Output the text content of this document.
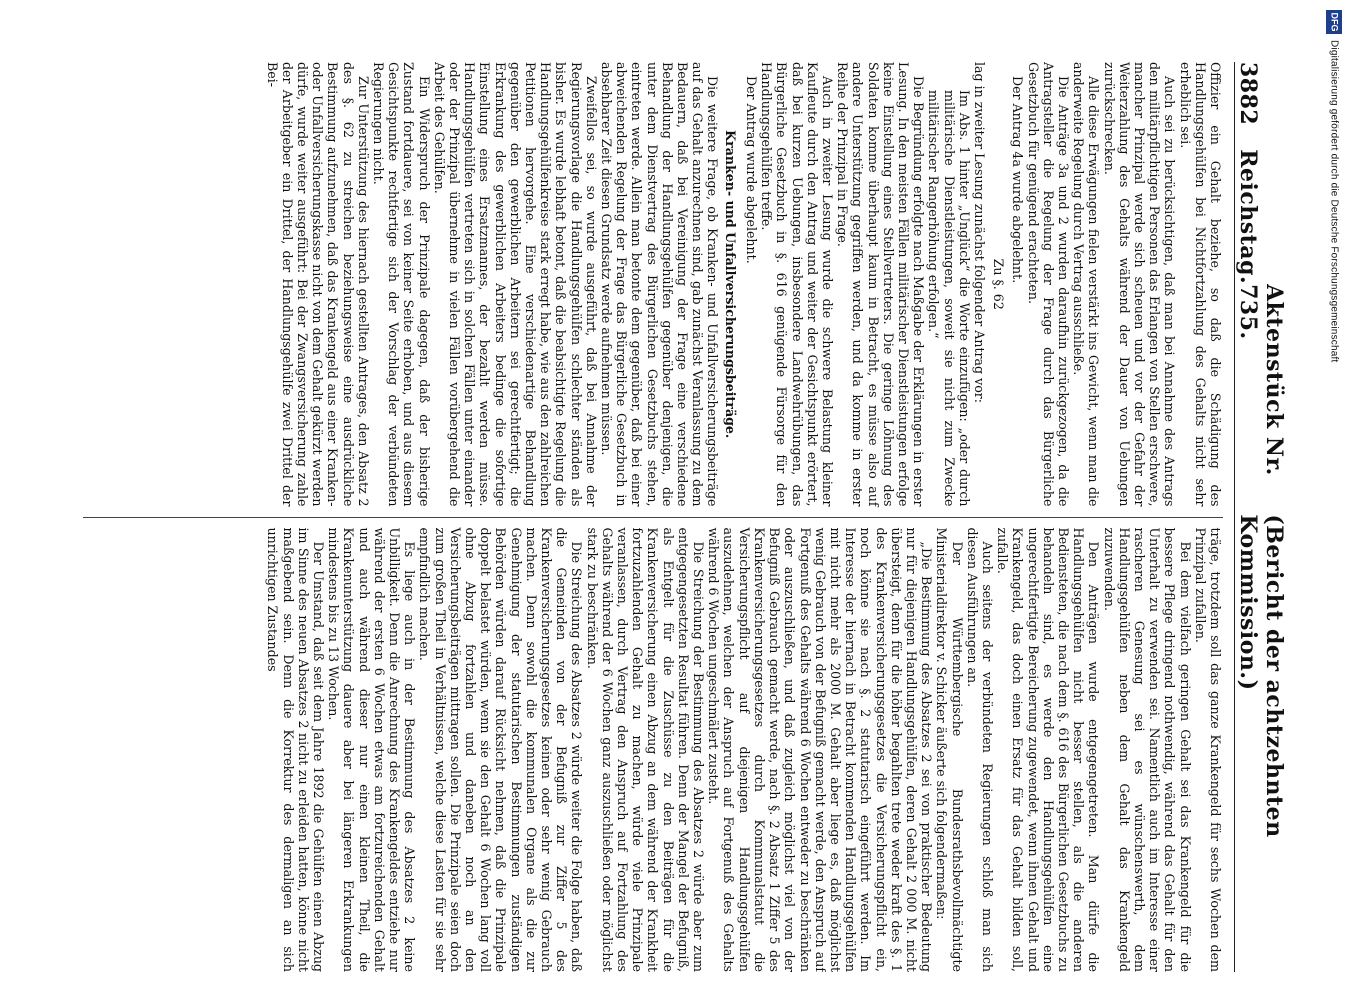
3882
Reichstag.
Aktenstück Nr. 735.
(Bericht der achtzehnten Kommission.)

Offizier ein Gehalt beziehe, so daß die Schädigung des Handlungsgehülfen bei Nichtfortzahlung des Gehalts nicht sehr erheblich sei.

Auch sei zu berücksichtigen, daß man bei Annahme des Antrags den militärpflichtigen Personen das Erlangen von Stellen erschwere, mancher Prinzipal werde sich scheuen und vor der Gefahr der Weiterzahlung des Gehalts während der Dauer von Uebungen zurückschrecken.

Alle diese Erwägungen fielen verstärkt ins Gewicht, wenn man die anderweite Regelung durch Vertrag ausschließe.

Die Anträge 3a und 2 wurden daraufhin zurückgezogen, da die Antragsteller die Regelung der Frage durch das Bürgerliche Gesetzbuch für genügend erachteten.

Der Antrag 4a wurde abgelehnt.

Zu §. 62

lag in zweiter Lesung zunächst folgender Antrag vor:

Im Abs. 1 hinter „Unglück“ die Worte einzufügen: „oder durch militärische Dienstleistungen, soweit sie nicht zum Zwecke militärischer Rangerhöhung erfolgen.“

Die Begründung erfolgte nach Maßgabe der Erklärungen in erster Lesung. In den meisten Fällen militärischer Dienstleistungen erfolge keine Einstellung eines Stellvertreters. Die geringe Löhnung des Soldaten komme überhaupt kaum in Betracht, es müsse also auf andere Unterstützung gegriffen werden, und da komme in erster Reihe der Prinzipal in Frage.

Auch in zweiter Lesung wurde die schwere Belastung kleiner Kaufleute durch den Antrag und weiter der Gesichtspunkt erörtert, daß bei kurzen Uebungen, insbesondere Landwehrübungen, das Bürgerliche Gesetzbuch in §. 616 genügende Fürsorge für den Handlungsgehülfen treffe.

Der Antrag wurde abgelehnt.

Kranken- und Unfallversicherungsbeiträge.

Die weitere Frage, ob Kranken- und Unfallversicherungsbeiträge auf das Gehalt anzurechnen sind, gab zunächst Veranlassung zu dem Bedauern, daß bei Vereinigung der Frage eine verschiedene Behandlung der Handlungsgehülfen gegenüber denjenigen, die unter dem Dienstvertrag des Bürgerlichen Gesetzbuchs stehen, eintreten werde. Allein man betonte dem gegenüber, daß bei einer abweichenden Regelung der Frage das Bürgerliche Gesetzbuch in absehbarer Zeit diesen Grundsatz werde aufnehmen müssen.

Zweifellos sei, so wurde ausgeführt, daß bei Annahme der Regierungsvorlage die Handlungsgehülfen schlechter ständen als bisher. Es wurde lebhaft betont, daß die beabsichtigte Regelung die Handlungsgehülfenkreise stark erregt habe, wie aus den zahlreichen Petitionen hervorgehe. Eine verschiedenartige Behandlung gegenüber den gewerblichen Arbeitern sei gerechtfertigt; die Erkrankung des gewerblichen Arbeiters bedinge die sofortige Einstellung eines Ersatzmannes, der bezahlt werden müsse. Handlungsgehülfen vertreten sich in solchen Fällen unter einander oder der Prinzipal übernehme in vielen Fällen vorübergehend die Arbeit des Gehülfen.

Ein Widerspruch der Prinzipale dagegen, daß der bisherige Zustand fortdauere, sei von keiner Seite erhoben, und aus diesem Gesichtspunkte rechtfertige sich der Vorschlag der verbündeten Regierungen nicht.

Zur Unterstützung des hiernach gestellten Antrages, den Absatz 2 des §. 62 zu streichen beziehungsweise eine ausdrückliche Bestimmung aufzunehmen, daß das Krankengeld aus einer Kranken- oder Unfallversicherungskasse nicht von dem Gehalt gekürzt werden dürfe, wurde weiter ausgeführt: Bei der Zwangsversicherung zahle der Arbeitgeber ein Drittel, der Handlungsgehülfe zwei Drittel der Bei-

träge, trotzdem soll das ganze Krankengeld für sechs Wochen dem Prinzipal zufallen.

Bei dem vielfach geringen Gehalt sei das Krankengeld für die bessere Pflege dringend nothwendig, während das Gehalt für den Unterhalt zu verwenden sei. Namentlich auch im Interesse einer rascheren Genesung sei es wünschenswerth, dem Handlungsgehülfen neben dem Gehalt das Krankengeld zuzuwenden.

Den Anträgen wurde entgegengetreten. Man dürfe die Handlungsgehülfen nicht besser stellen, als die anderen Bediensteten, die nach dem §. 616 des Bürgerlichen Gesetzbuchs zu behandeln sind, es werde den Handlungsgehülfen eine ungerechtfertigte Bereicherung zugewendet, wenn ihnen Gehalt und Krankengeld, das doch einen Ersatz für das Gehalt bilden soll, zufalle.

Auch seitens der verbündeten Regierungen schloß man sich diesen Ausführungen an.

Der Württembergische Bundesrathsbevollmächtigte Ministerialdirektor v. Schicker äußerte sich folgendermaßen:

„Die Bestimmung des Absatzes 2 sei von praktischer Bedeutung nur für diejenigen Handlungsgehülfen, deren Gehalt 2 000 M. nicht übersteigt, denn für die höher begahlten trete weder kraft des §. 1 des Krankenversicherungsgesetzes die Versicherungspflicht ein, noch könne sie nach §. 2 statutarisch eingeführt werden. Im Interesse der hiernach in Betracht kommenden Handlungsgehülfen mit nicht mehr als 2000 M. Gehalt aber liege es, daß möglichst wenig Gebrauch von der Befugniß gemacht werde, den Anspruch auf Fortgenuß des Gehalts während 6 Wochen entweder zu beschränken oder auszuschließen, und daß zugleich möglichst viel von der Befugniß Gebrauch gemacht werde, nach §. 2 Absatz 1 Ziffer 5 des Krankenversicherungsgesetzes durch Kommunalstatut die Versicherungspflicht auf diejenigen Handlungsgehülfen auszudehnen, welchen der Anspruch auf Fortgenuß des Gehalts während 6 Wochen ungeschmälert zusteht.

Die Streichung der Bestimmung des Absatzes 2 würde aber zum entgegengesetzten Resultat führen. Denn der Mangel der Befugniß, als Entgelt für die Zuschüsse zu den Beiträgen für die Krankenversicherung einen Abzug an dem während der Krankheit fortzuzahlenden Gehalt zu machen, würde viele Prinzipale veranlassen, durch Vertrag den Anspruch auf Fortzahlung des Gehalts während der 6 Wochen ganz auszuschließen oder möglichst stark zu beschränken.

Die Streichung des Absatzes 2 würde weiter die Folge haben, daß die Gemeinden von der Befugniß zur Ziffer 5 des Krankenversicherungsgesetzes keinen oder sehr wenig Gebrauch machen. Denn sowohl die kommunalen Organe als die zur Genehmigung der statutarischen Bestimmungen zuständigen Behörden würden darauf Rücksicht nehmen, daß die Prinzipale doppelt belastet würden, wenn sie den Gehalt 6 Wochen lang voll ohne Abzug fortzahlen und daneben noch an den Versicherungsbeiträgen mittragen sollen. Die Prinzipale seien doch zum großen Theil in Verhältnissen, welche diese Lasten für sie sehr empfindlich machen.

Es liege auch in der Bestimmung des Absatzes 2 keine Unbilligkeit. Denn die Anrechnung des Krankengeldes entziehe nur während der ersten 6 Wochen etwas am fortzureichenden Gehalt und auch während dieser nur einen kleinen Theil, die Krankenunterstützung dauere aber bei längeren Erkrankungen mindestens bis zu 13 Wochen.

Der Umstand, daß seit dem Jahre 1892 die Gehülfen einen Abzug im Sinne des neuen Absatzes 2 nicht zu erleiden hatten, könne nicht maßgebend sein. Denn die Korrektur des dermaligen an sich unrichtigen Zustandes

DFG
Digitalisierung gefördert durch die Deutsche Forschungsgemeinschaft
